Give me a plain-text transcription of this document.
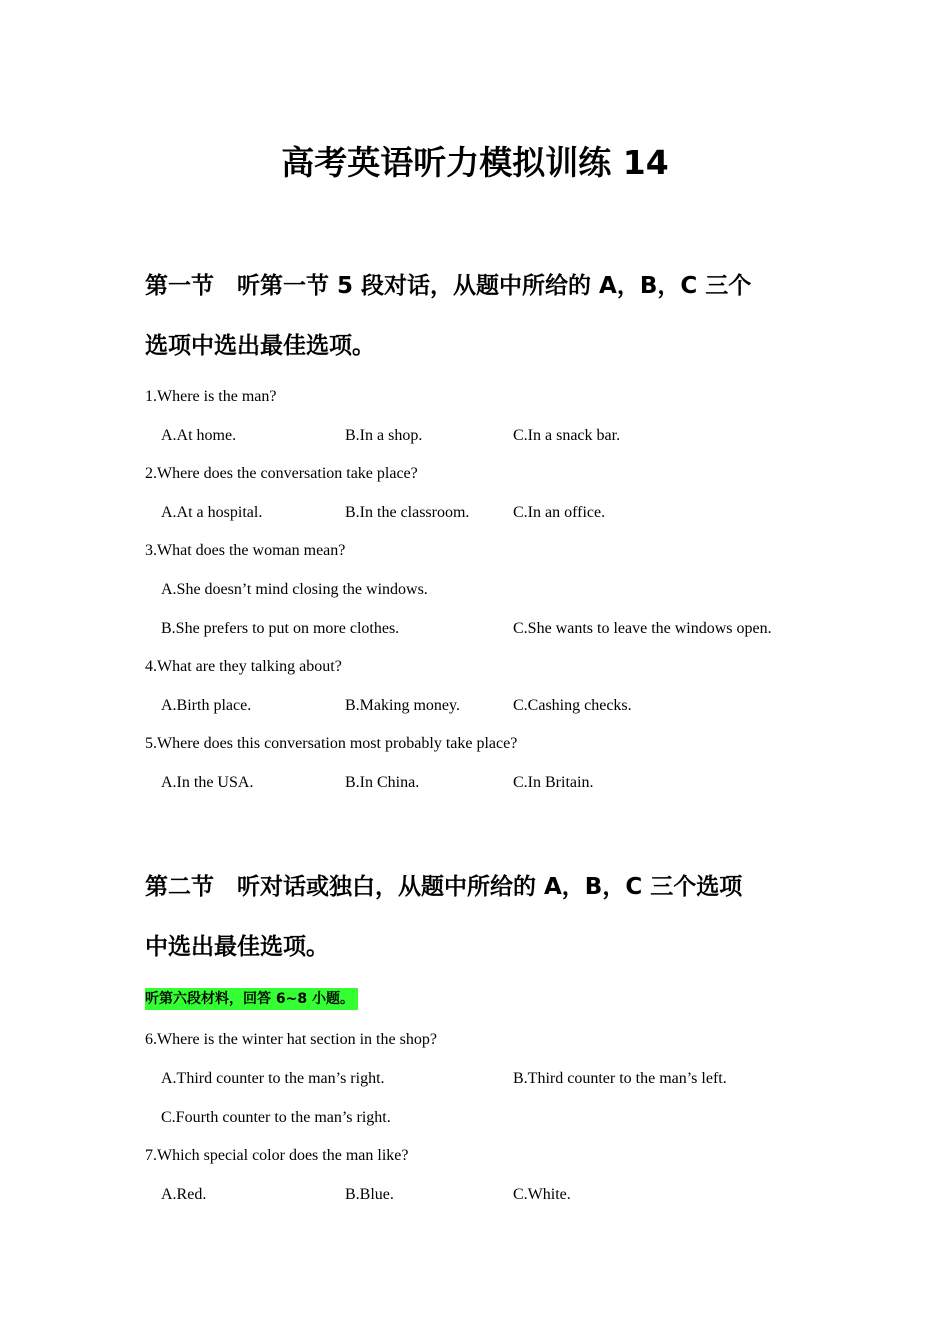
高考英语听力模拟训练 14
第一节　听第一节 5 段对话，从题中所给的 A，B，C 三个
选项中选出最佳选项。
1.Where is the man?
A.At home.	B.In a shop.	C.In a snack bar.
2.Where does the conversation take place?
A.At a hospital.	B.In the classroom.	C.In an office.
3.What does the woman mean?
A.She doesn’t mind closing the windows.
B.She prefers to put on more clothes.	C.She wants to leave the windows open.
4.What are they talking about?
A.Birth place.	B.Making money.	C.Cashing checks.
5.Where does this conversation most probably take place?
A.In the USA.	B.In China.	C.In Britain.
第二节　听对话或独白，从题中所给的 A，B，C 三个选项
中选出最佳选项。
听第六段材料，回答 6~8 小题。
6.Where is the winter hat section in the shop?
A.Third counter to the man’s right.	B.Third counter to the man’s left.
C.Fourth counter to the man’s right.
7.Which special color does the man like?
A.Red.	B.Blue.	C.White.
